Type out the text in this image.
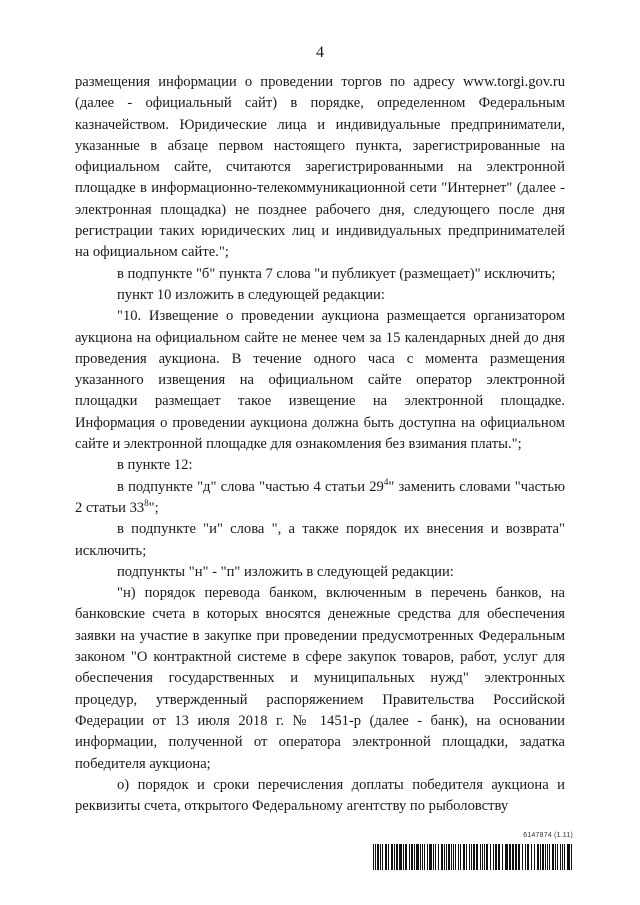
4

размещения информации о проведении торгов по адресу www.torgi.gov.ru (далее - официальный сайт) в порядке, определенном Федеральным казначейством. Юридические лица и индивидуальные предприниматели, указанные в абзаце первом настоящего пункта, зарегистрированные на официальном сайте, считаются зарегистрированными на электронной площадке в информационно-телекоммуникационной сети "Интернет" (далее - электронная площадка) не позднее рабочего дня, следующего после дня регистрации таких юридических лиц и индивидуальных предпринимателей на официальном сайте.";

в подпункте "б" пункта 7 слова "и публикует (размещает)" исключить;

пункт 10 изложить в следующей редакции:

"10. Извещение о проведении аукциона размещается организатором аукциона на официальном сайте не менее чем за 15 календарных дней до дня проведения аукциона. В течение одного часа с момента размещения указанного извещения на официальном сайте оператор электронной площадки размещает такое извещение на электронной площадке. Информация о проведении аукциона должна быть доступна на официальном сайте и электронной площадке для ознакомления без взимания платы.";

в пункте 12:

в подпункте "д" слова "частью 4 статьи $29^4$" заменить словами "частью 2 статьи $33^8$";

в подпункте "и" слова ", а также порядок их внесения и возврата" исключить;

подпункты "н" - "п" изложить в следующей редакции:

"н) порядок перевода банком, включенным в перечень банков, на банковские счета в которых вносятся денежные средства для обеспечения заявки на участие в закупке при проведении предусмотренных Федеральным законом "О контрактной системе в сфере закупок товаров, работ, услуг для обеспечения государственных и муниципальных нужд" электронных процедур, утвержденный распоряжением Правительства Российской Федерации от 13 июля 2018 г. № 1451-р (далее - банк), на основании информации, полученной от оператора электронной площадки, задатка победителя аукциона;

о) порядок и сроки перечисления доплаты победителя аукциона и реквизиты счета, открытого Федеральному агентству по рыболовству

6147874 (1.11)
